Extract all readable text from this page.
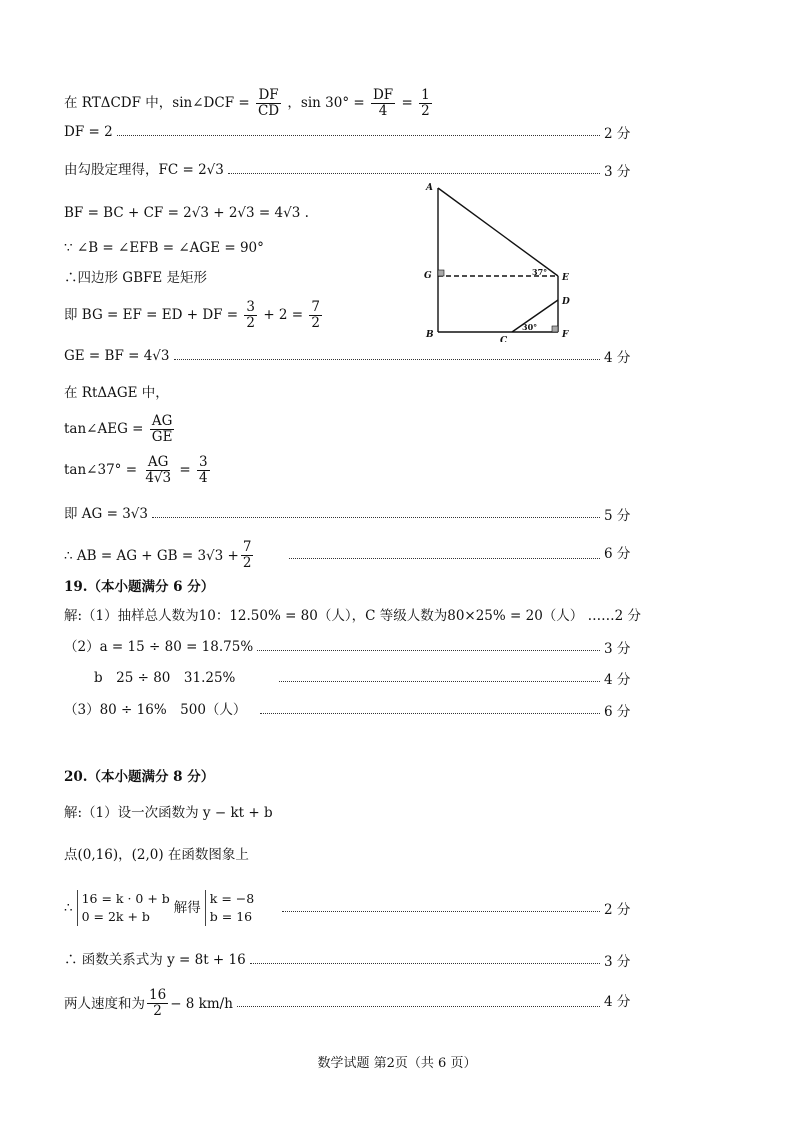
在 RTΔCDF 中，sin∠DCF = $\frac{DF}{CD}$ ，$\sin 30^\circ = \frac{DF}{4} = \frac{1}{2}$
DF = 2	2 分
由勾股定理得，FC = 2√3	3 分
BF = BC + CF = 2√3 + 2√3 = 4√3 .
∵ ∠B = ∠EFB = ∠AGE = 90°
∴四边形 GBFE 是矩形
即 BG = EF = ED + DF = $\frac{3}{2} + 2 = \frac{7}{2}$
GE = BF = 4√3	4 分
在 RtΔAGE 中，
tan∠AEG = $\frac{AG}{GE}$
tan∠37° = $\frac{AG}{4√3} = \frac{3}{4}$
即 AG = 3√3	5 分
∴ AB = AG + GB = $3√3 + \frac{7}{2}$	6 分
19.（本小题满分 6 分）
解:（1）抽样总人数为10：12.50% = 80（人），C 等级人数为80×25% = 20（人） ……2 分
（2）a = 15 ÷ 80 = 18.75%	3 分
b　25 ÷ 80　31.25%	4 分
（3）80 ÷ 16%　500（人）	6 分
20.（本小题满分 8 分）
解:（1）设一次函数为 y − kt + b
点(0,16)，(2,0) 在函数图象上
∴
16 = k · 0 + b
0 = 2k + b
解得
k = −8
b = 16	2 分
∴ 函数关系式为 y = 8t + 16	3 分
两人速度和为 $\frac{16}{2} - 8$ km/h	4 分
A
G
B
C
F
D
E
37°
30°
数学试题 第2页（共 6 页）
